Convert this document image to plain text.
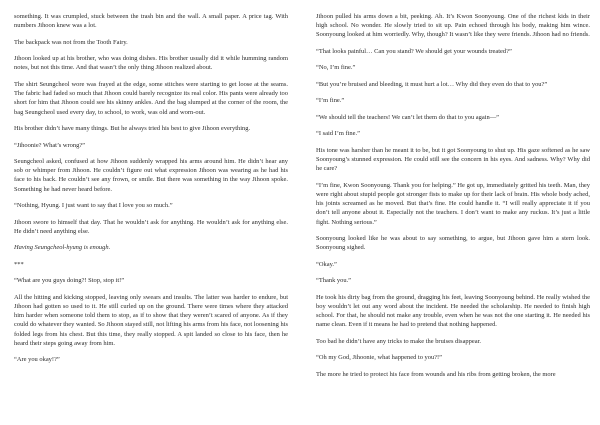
something. It was crumpled, stuck between the trash bin and the wall. A small paper. A price tag. With numbers Jihoon knew was a lot.

The backpack was not from the Tooth Fairy.

Jihoon looked up at his brother, who was doing dishes. His brother usually did it while humming random notes, but not this time. And that wasn’t the only thing Jihoon realized about.

The shirt Seungcheol wore was frayed at the edge, some stitches were starting to get loose at the seams. The fabric had faded so much that Jihoon could barely recognize its real color. His pants were already too short for him that Jihoon could see his skinny ankles. And the bag slumped at the corner of the room, the bag Seungcheol used every day, to school, to work, was old and worn-out.

His brother didn’t have many things. But he always tried his best to give Jihoon everything.

“Jihoonie? What’s wrong?”

Seungcheol asked, confused at how Jihoon suddenly wrapped his arms around him. He didn’t hear any sob or whimper from Jihoon. He couldn’t figure out what expression Jihoon was wearing as he had his face to his back. He couldn’t see any frown, or smile. But there was something in the way Jihoon spoke. Something he had never heard before.

“Nothing, Hyung. I just want to say that I love you so much.”

Jihoon swore to himself that day. That he wouldn’t ask for anything. He wouldn’t ask for anything else. He didn’t need anything else.

Having Seungcheol-hyung is enough.

***

“What are you guys doing?! Stop, stop it!”

All the hitting and kicking stopped, leaving only swears and insults. The latter was harder to endure, but Jihoon had gotten so used to it. He still curled up on the ground. There were times where they attacked him harder when someone told them to stop, as if to show that they weren’t scared of anyone. As if they could do whatever they wanted. So Jihoon stayed still, not lifting his arms from his face, not loosening his folded legs from his chest. But this time, they really stopped. A spit landed so close to his face, then he heard their steps going away from him.

“Are you okay!?”

Jihoon pulled his arms down a bit, peeking. Ah. It’s Kwon Soonyoung. One of the richest kids in their high school. No wonder. He slowly tried to sit up. Pain echoed through his body, making him wince. Soonyoung looked at him worriedly. Why, though? It wasn’t like they were friends. Jihoon had no friends.

“That looks painful… Can you stand? We should get your wounds treated?”

“No, I’m fine.”

“But you’re bruised and bleeding, it must hurt a lot… Why did they even do that to you?”

“I’m fine.”

“We should tell the teachers! We can’t let them do that to you again—”

“I said I’m fine.”

His tone was harsher than he meant it to be, but it got Soonyoung to shut up. His gaze softened as he saw Soonyoung’s stunned expression. He could still see the concern in his eyes. And sadness. Why? Why did he care?

“I’m fine, Kwon Soonyoung. Thank you for helping.” He got up, immediately gritted his teeth. Man, they were right about stupid people got stronger fists to make up for their lack of brain. His whole body ached, his joints screamed as he moved. But that’s fine. He could handle it. “I will really appreciate it if you don’t tell anyone about it. Especially not the teachers. I don’t want to make any ruckus. It’s just a little fight. Nothing serious.”

Soonyoung looked like he was about to say something, to argue, but Jihoon gave him a stern look. Soonyoung sighed.

“Okay.”

“Thank you.”

He took his dirty bag from the ground, dragging his feet, leaving Soonyoung behind. He really wished the boy wouldn’t let out any word about the incident. He needed the scholarship. He needed to finish high school. For that, he should not make any trouble, even when he was not the one starting it. He needed his name clean. Even if it means he had to pretend that nothing happened.

Too bad he didn’t have any tricks to make the bruises disappear.

“Oh my God, Jihoonie, what happened to you?!”

The more he tried to protect his face from wounds and his ribs from getting broken, the more
